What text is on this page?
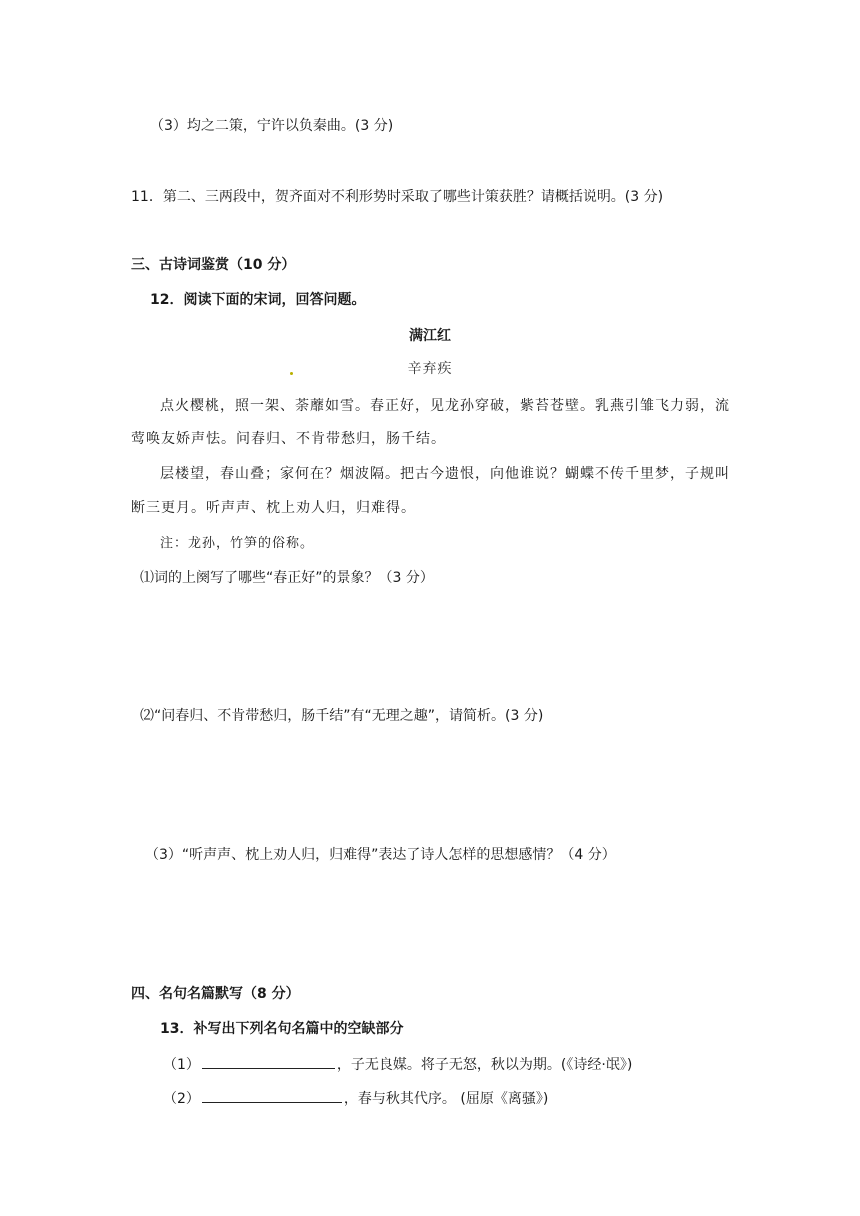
（3）均之二策，宁许以负秦曲。(3 分)
11．第二、三两段中，贺齐面对不利形势时采取了哪些计策获胜？请概括说明。(3 分)
三、古诗词鉴赏（10 分）
12．阅读下面的宋词，回答问题。
满江红
辛弃疾
点火樱桃，照一架、荼蘼如雪。春正好，见龙孙穿破，紫苔苍壁。乳燕引雏飞力弱，流
莺唤友娇声怯。问春归、不肯带愁归，肠千结。
层楼望，春山叠；家何在？烟波隔。把古今遗恨，向他谁说？蝴蝶不传千里梦，子规叫
断三更月。听声声、枕上劝人归，归难得。
注：龙孙，竹笋的俗称。
⑴词的上阕写了哪些“春正好”的景象？（3 分）
⑵“问春归、不肯带愁归，肠千结”有“无理之趣”，请简析。(3 分)
（3）“听声声、枕上劝人归，归难得”表达了诗人怎样的思想感情？（4 分）
四、名句名篇默写（8 分）
13．补写出下列名句名篇中的空缺部分
（1）	，子无良媒。将子无怒，秋以为期。(《诗经·氓》)
（2）	，春与秋其代序。 (屈原《离骚》)
